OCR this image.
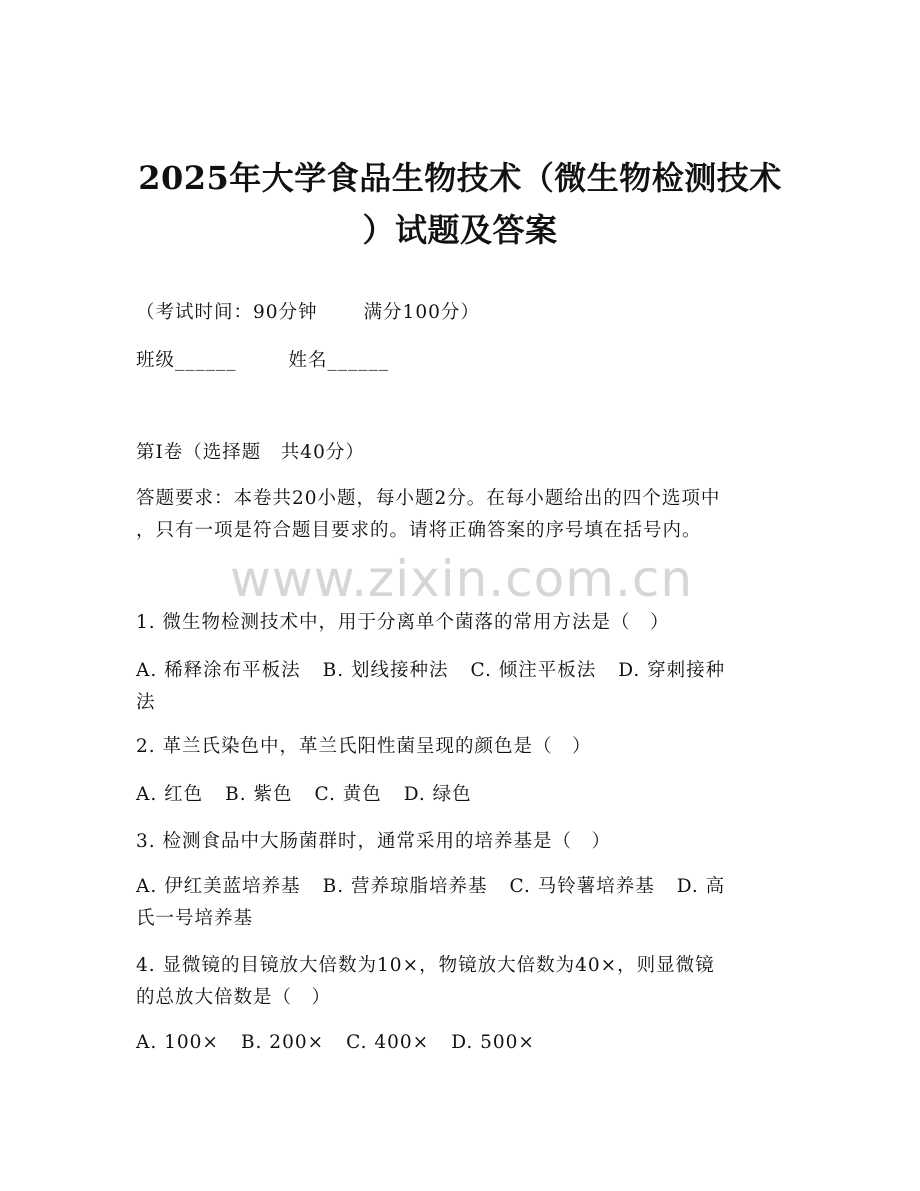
2025年大学食品生物技术（微生物检测技术
）试题及答案
（考试时间：90分钟 满分100分）
班级______	姓名______
第I卷（选择题　共40分）
答题要求：本卷共20小题，每小题2分。在每小题给出的四个选项中
，只有一项是符合题目要求的。请将正确答案的序号填在括号内。
www.zixin.com.cn
1. 微生物检测技术中，用于分离单个菌落的常用方法是（　）
A. 稀释涂布平板法 B. 划线接种法 C. 倾注平板法 D. 穿刺接种
法
2. 革兰氏染色中，革兰氏阳性菌呈现的颜色是（　）
A. 红色 B. 紫色 C. 黄色 D. 绿色
3. 检测食品中大肠菌群时，通常采用的培养基是（　）
A. 伊红美蓝培养基 B. 营养琼脂培养基 C. 马铃薯培养基 D. 高
氏一号培养基
4. 显微镜的目镜放大倍数为10×，物镜放大倍数为40×，则显微镜
的总放大倍数是（　）
A. 100× B. 200× C. 400× D. 500×
